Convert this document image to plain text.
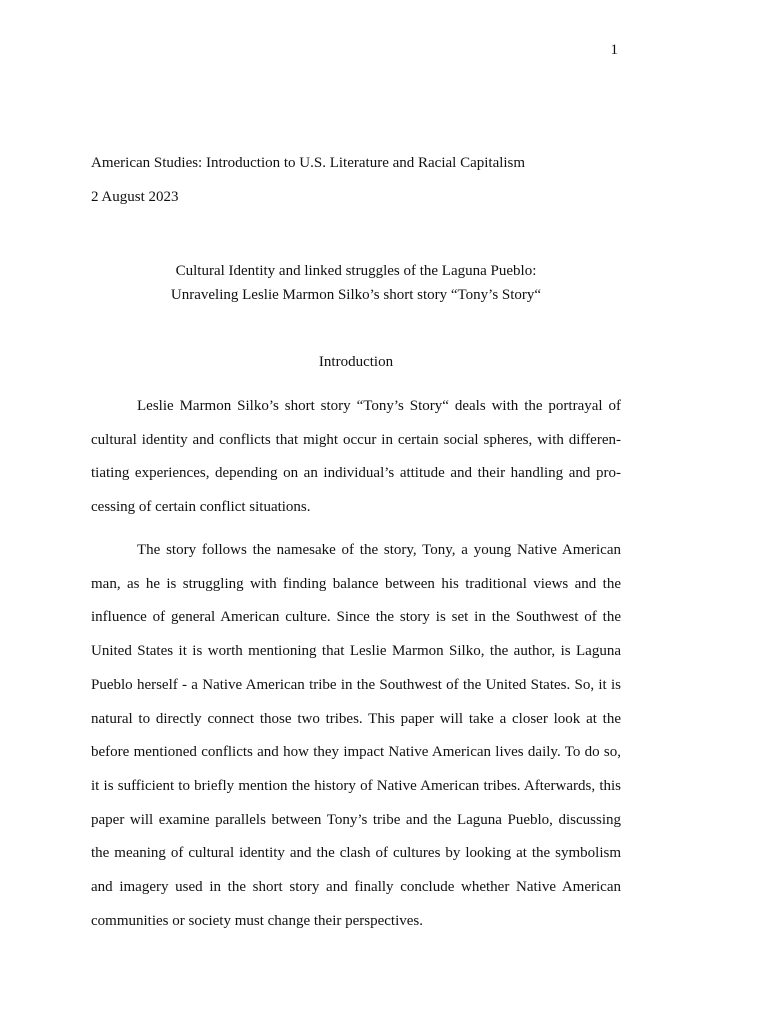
1
American Studies: Introduction to U.S. Literature and Racial Capitalism
2 August 2023
Cultural Identity and linked struggles of the Laguna Pueblo:
Unraveling Leslie Marmon Silko’s short story “Tony’s Story“
Introduction

Leslie Marmon Silko’s short story “Tony’s Story“ deals with the portrayal of cultural identity and conflicts that might occur in certain social spheres, with differentiating experiences, depending on an individual’s attitude and their handling and processing of certain conflict situations.

The story follows the namesake of the story, Tony, a young Native American man, as he is struggling with finding balance between his traditional views and the influence of general American culture. Since the story is set in the Southwest of the United States it is worth mentioning that Leslie Marmon Silko, the author, is Laguna Pueblo herself - a Native American tribe in the Southwest of the United States. So, it is natural to directly connect those two tribes. This paper will take a closer look at the before mentioned conflicts and how they impact Native American lives daily. To do so, it is sufficient to briefly mention the history of Native American tribes. Afterwards, this paper will examine parallels between Tony’s tribe and the Laguna Pueblo, discussing the meaning of cultural identity and the clash of cultures by looking at the symbolism and imagery used in the short story and finally conclude whether Native American communities or society must change their perspectives.
